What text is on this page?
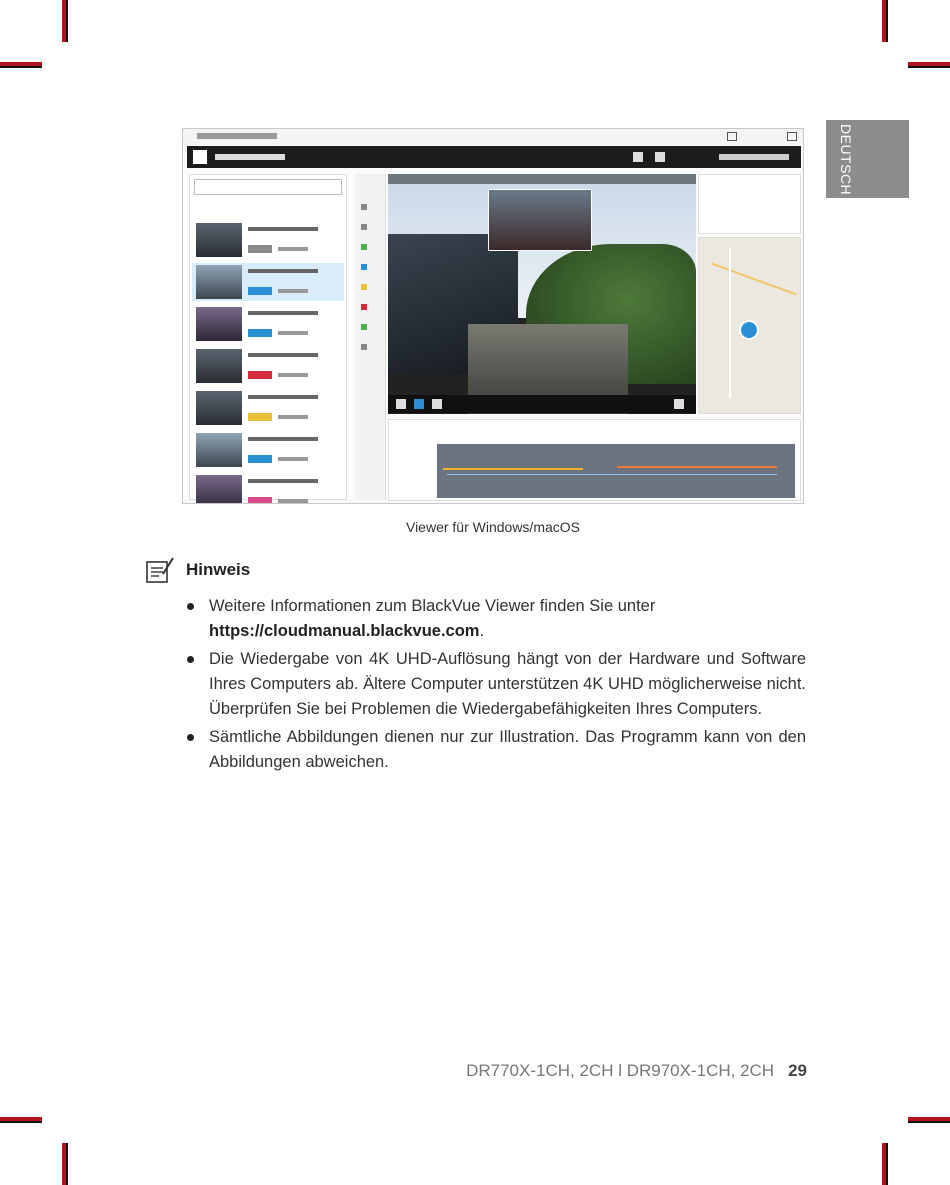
DEUTSCH
Viewer für Windows/macOS
Hinweis
Weitere Informationen zum BlackVue Viewer finden Sie unter
https://cloudmanual.blackvue.com.
Die Wiedergabe von 4K UHD-Auflösung hängt von der Hardware und Software Ihres Computers ab. Ältere Computer unterstützen 4K UHD möglicherweise nicht. Überprüfen Sie bei Problemen die Wiedergabefähigkeiten Ihres Computers.
Sämtliche Abbildungen dienen nur zur Illustration. Das Programm kann von den Abbildungen abweichen.
DR770X-1CH, 2CH l DR970X-1CH, 2CH 29
